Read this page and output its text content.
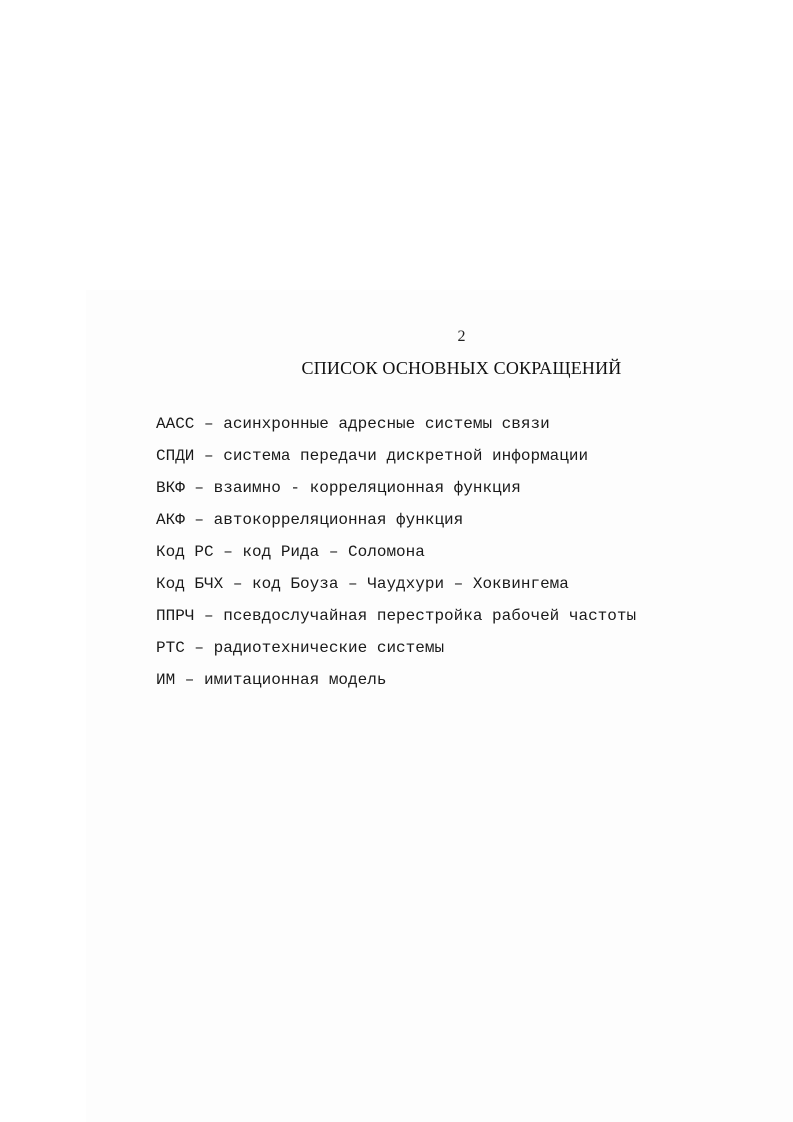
2
СПИСОК ОСНОВНЫХ СОКРАЩЕНИЙ
ААСС – асинхронные адресные системы связи
СПДИ – система передачи дискретной информации
ВКФ – взаимно - корреляционная функция
АКФ – автокорреляционная функция
Код РС – код Рида – Соломона
Код БЧХ – код Боуза – Чаудхури – Хоквингема
ППРЧ – псевдослучайная перестройка рабочей частоты
РТС – радиотехнические системы
ИМ – имитационная модель
